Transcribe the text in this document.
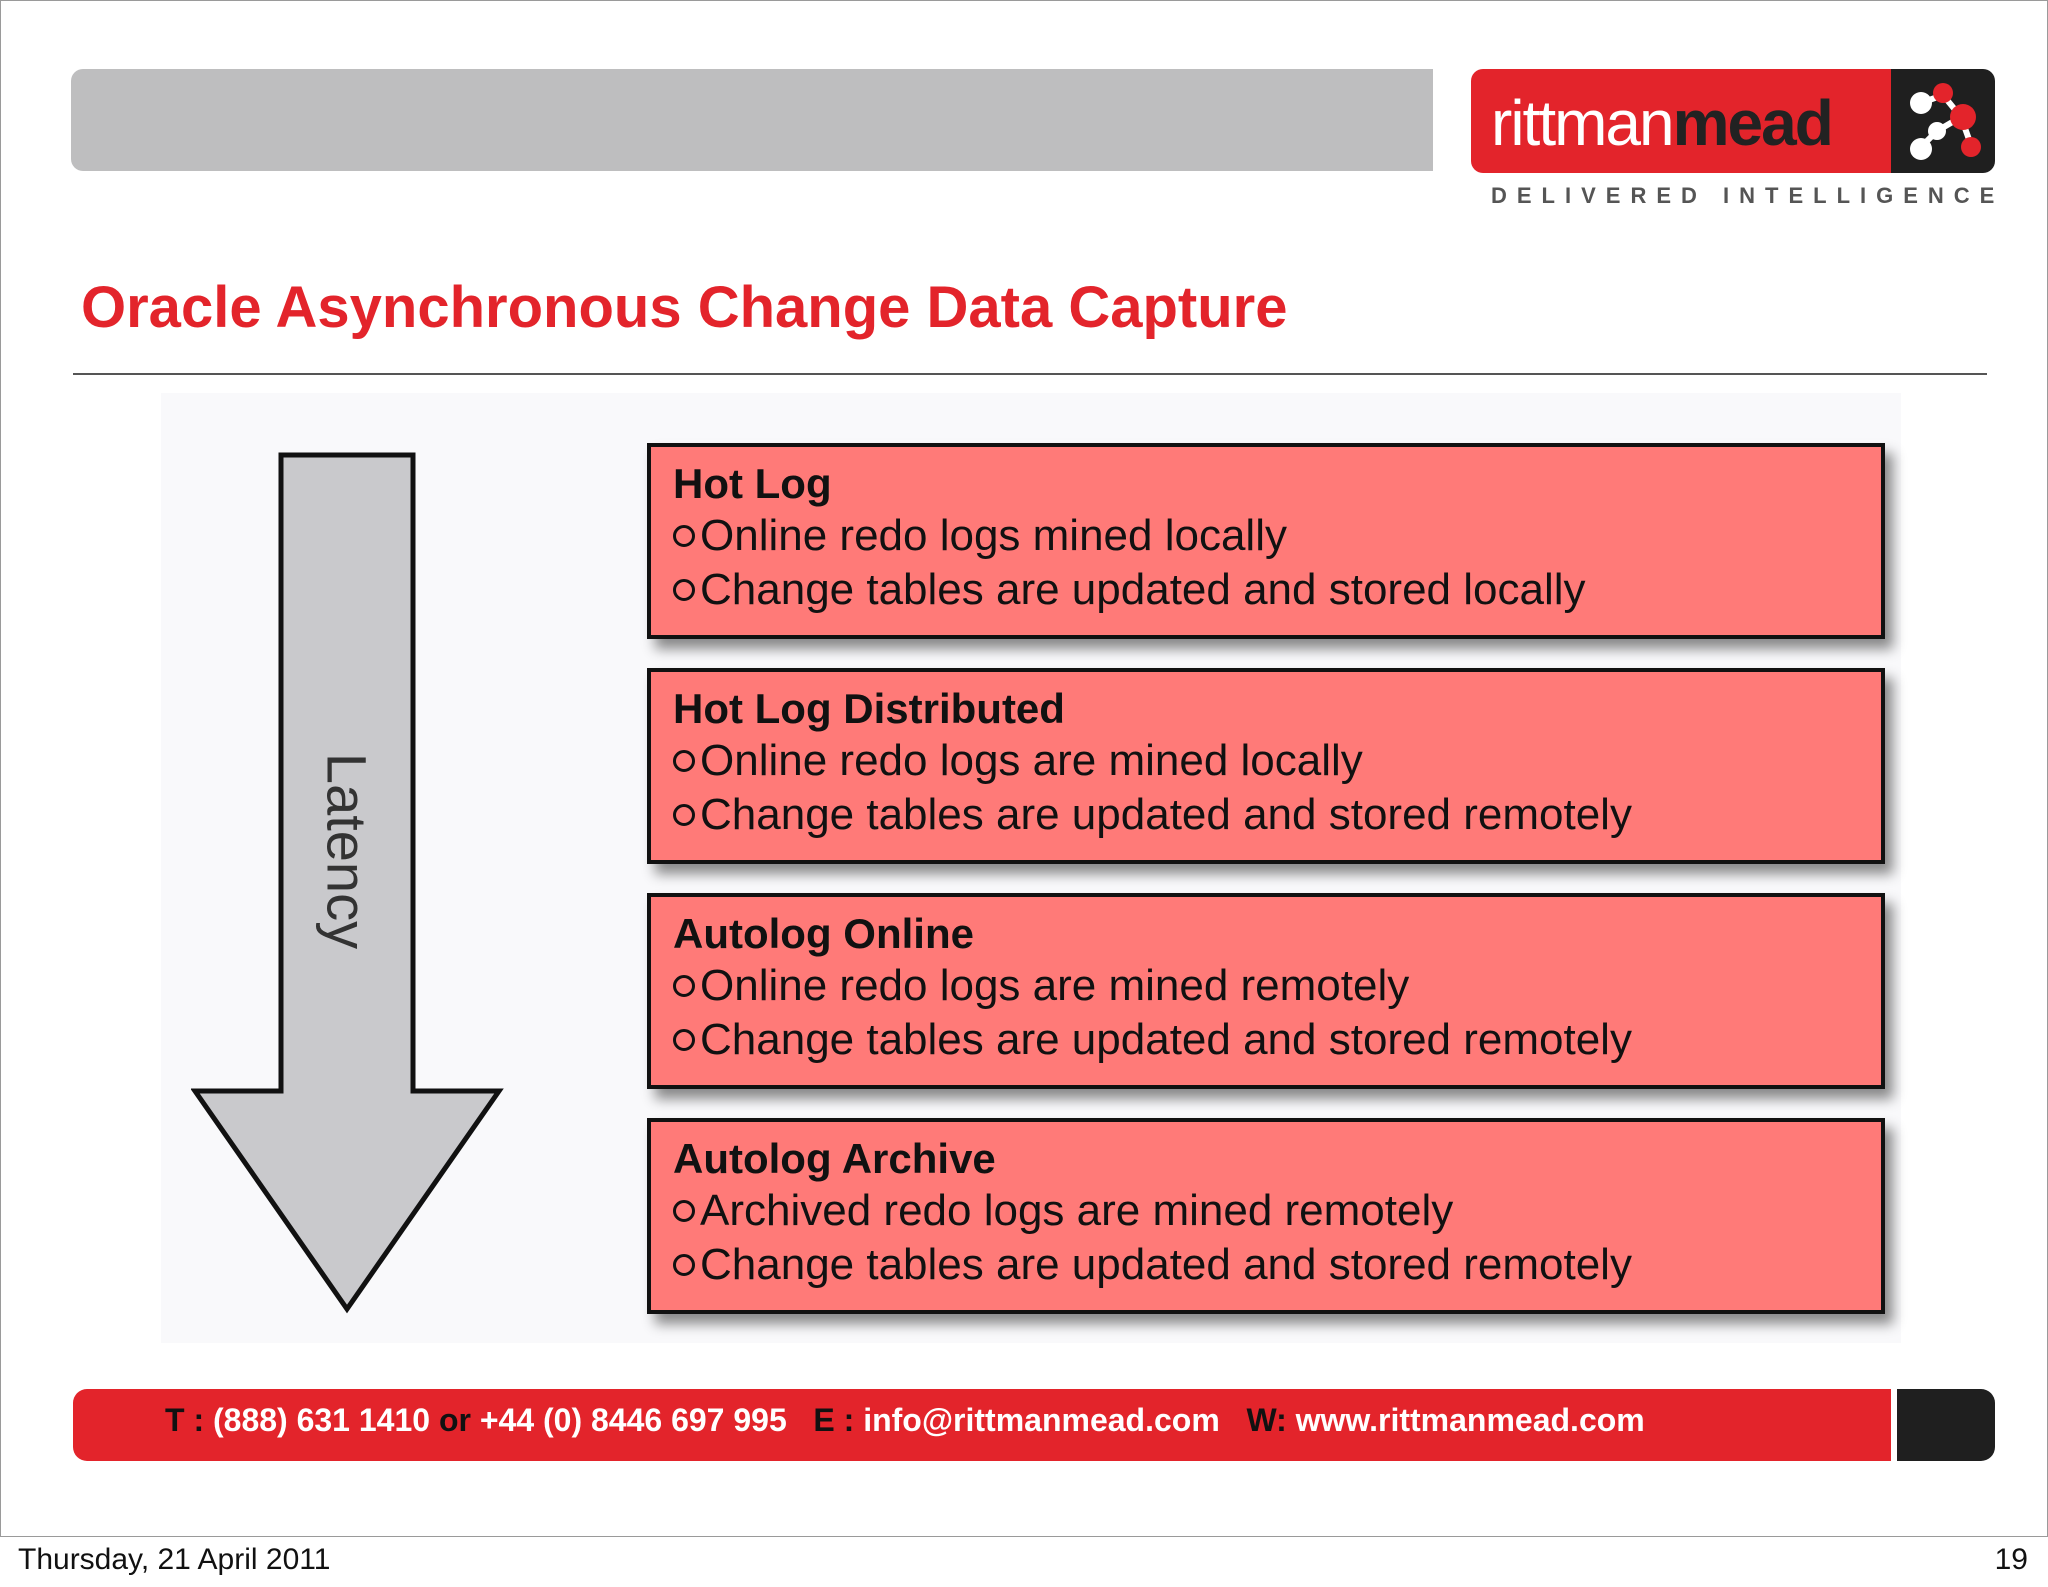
rittmanmead
DELIVERED INTELLIGENCE
Oracle Asynchronous Change Data Capture
Latency
Hot Log
Online redo logs mined locally
Change tables are updated and stored locally
Hot Log Distributed
Online redo logs are mined locally
Change tables are updated and stored remotely
Autolog Online
Online redo logs are mined remotely
Change tables are updated and stored remotely
Autolog Archive
Archived redo logs are mined remotely
Change tables are updated and stored remotely
T : (888) 631 1410 or +44 (0) 8446 697 995 E : info@rittmanmead.com W: www.rittmanmead.com
Thursday, 21 April 2011	19
